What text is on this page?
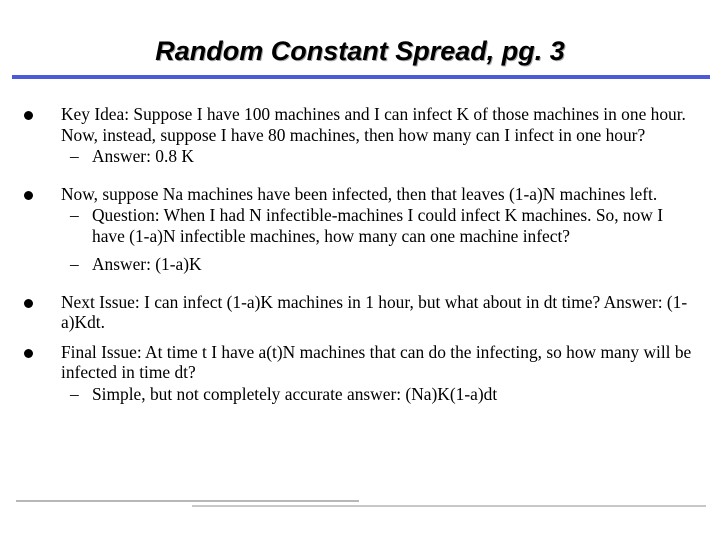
Random Constant Spread, pg. 3
Key Idea: Suppose I have 100 machines and I can infect K of those machines in one hour. Now, instead, suppose I have 80 machines, then how many can I infect in one hour?
– Answer: 0.8 K
Now, suppose Na machines have been infected, then that leaves (1-a)N machines left.
– Question: When I had N infectible-machines I could infect K machines. So, now I have (1-a)N infectible machines, how many can one machine infect?
– Answer: (1-a)K
Next Issue: I can infect (1-a)K machines in 1 hour, but what about in dt time? Answer: (1-a)Kdt.
Final Issue: At time t I have a(t)N machines that can do the infecting, so how many will be infected in time dt?
– Simple, but not completely accurate answer: (Na)K(1-a)dt
